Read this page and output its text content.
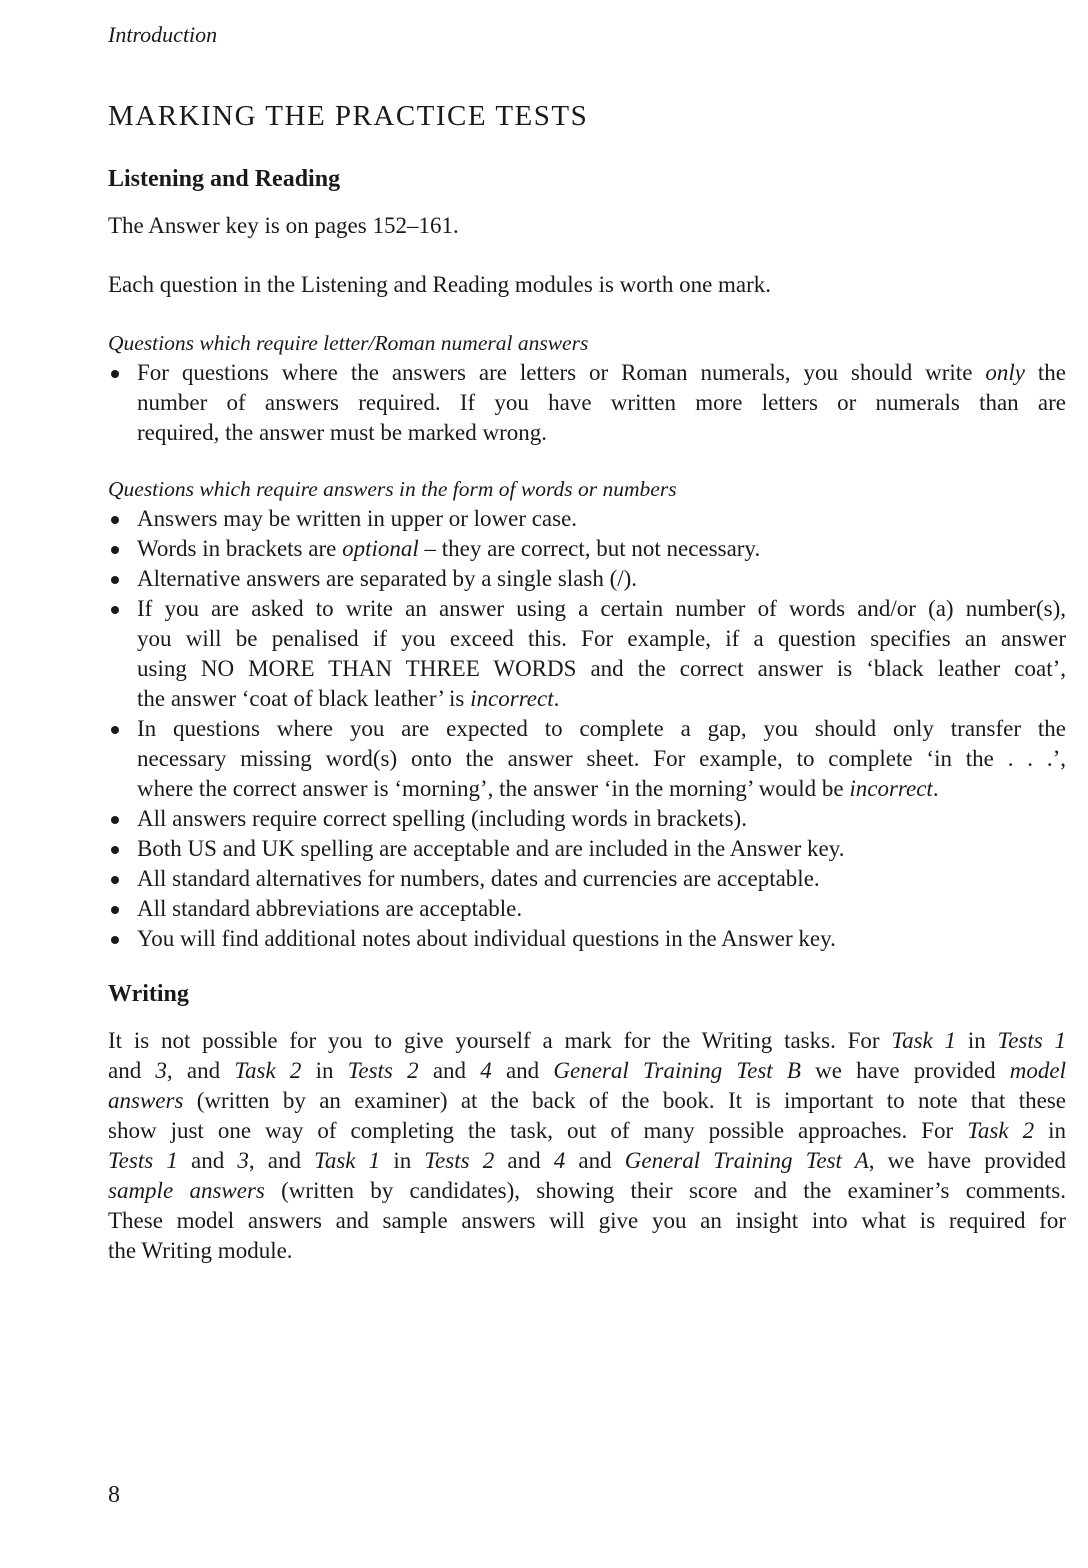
Introduction
MARKING THE PRACTICE TESTS
Listening and Reading
The Answer key is on pages 152–161.
Each question in the Listening and Reading modules is worth one mark.
Questions which require letter/Roman numeral answers
For questions where the answers are letters or Roman numerals, you should write only the
number of answers required. If you have written more letters or numerals than are
required, the answer must be marked wrong.
Questions which require answers in the form of words or numbers
Answers may be written in upper or lower case.
Words in brackets are optional – they are correct, but not necessary.
Alternative answers are separated by a single slash (/).
If you are asked to write an answer using a certain number of words and/or (a) number(s),
you will be penalised if you exceed this. For example, if a question specifies an answer
using NO MORE THAN THREE WORDS and the correct answer is ‘black leather coat’,
the answer ‘coat of black leather’ is incorrect.
In questions where you are expected to complete a gap, you should only transfer the
necessary missing word(s) onto the answer sheet. For example, to complete ‘in the . . .’,
where the correct answer is ‘morning’, the answer ‘in the morning’ would be incorrect.
All answers require correct spelling (including words in brackets).
Both US and UK spelling are acceptable and are included in the Answer key.
All standard alternatives for numbers, dates and currencies are acceptable.
All standard abbreviations are acceptable.
You will find additional notes about individual questions in the Answer key.
Writing
It is not possible for you to give yourself a mark for the Writing tasks. For Task 1 in Tests 1
and 3, and Task 2 in Tests 2 and 4 and General Training Test B we have provided model
answers (written by an examiner) at the back of the book. It is important to note that these
show just one way of completing the task, out of many possible approaches. For Task 2 in
Tests 1 and 3, and Task 1 in Tests 2 and 4 and General Training Test A, we have provided
sample answers (written by candidates), showing their score and the examiner’s comments.
These model answers and sample answers will give you an insight into what is required for
the Writing module.
8
